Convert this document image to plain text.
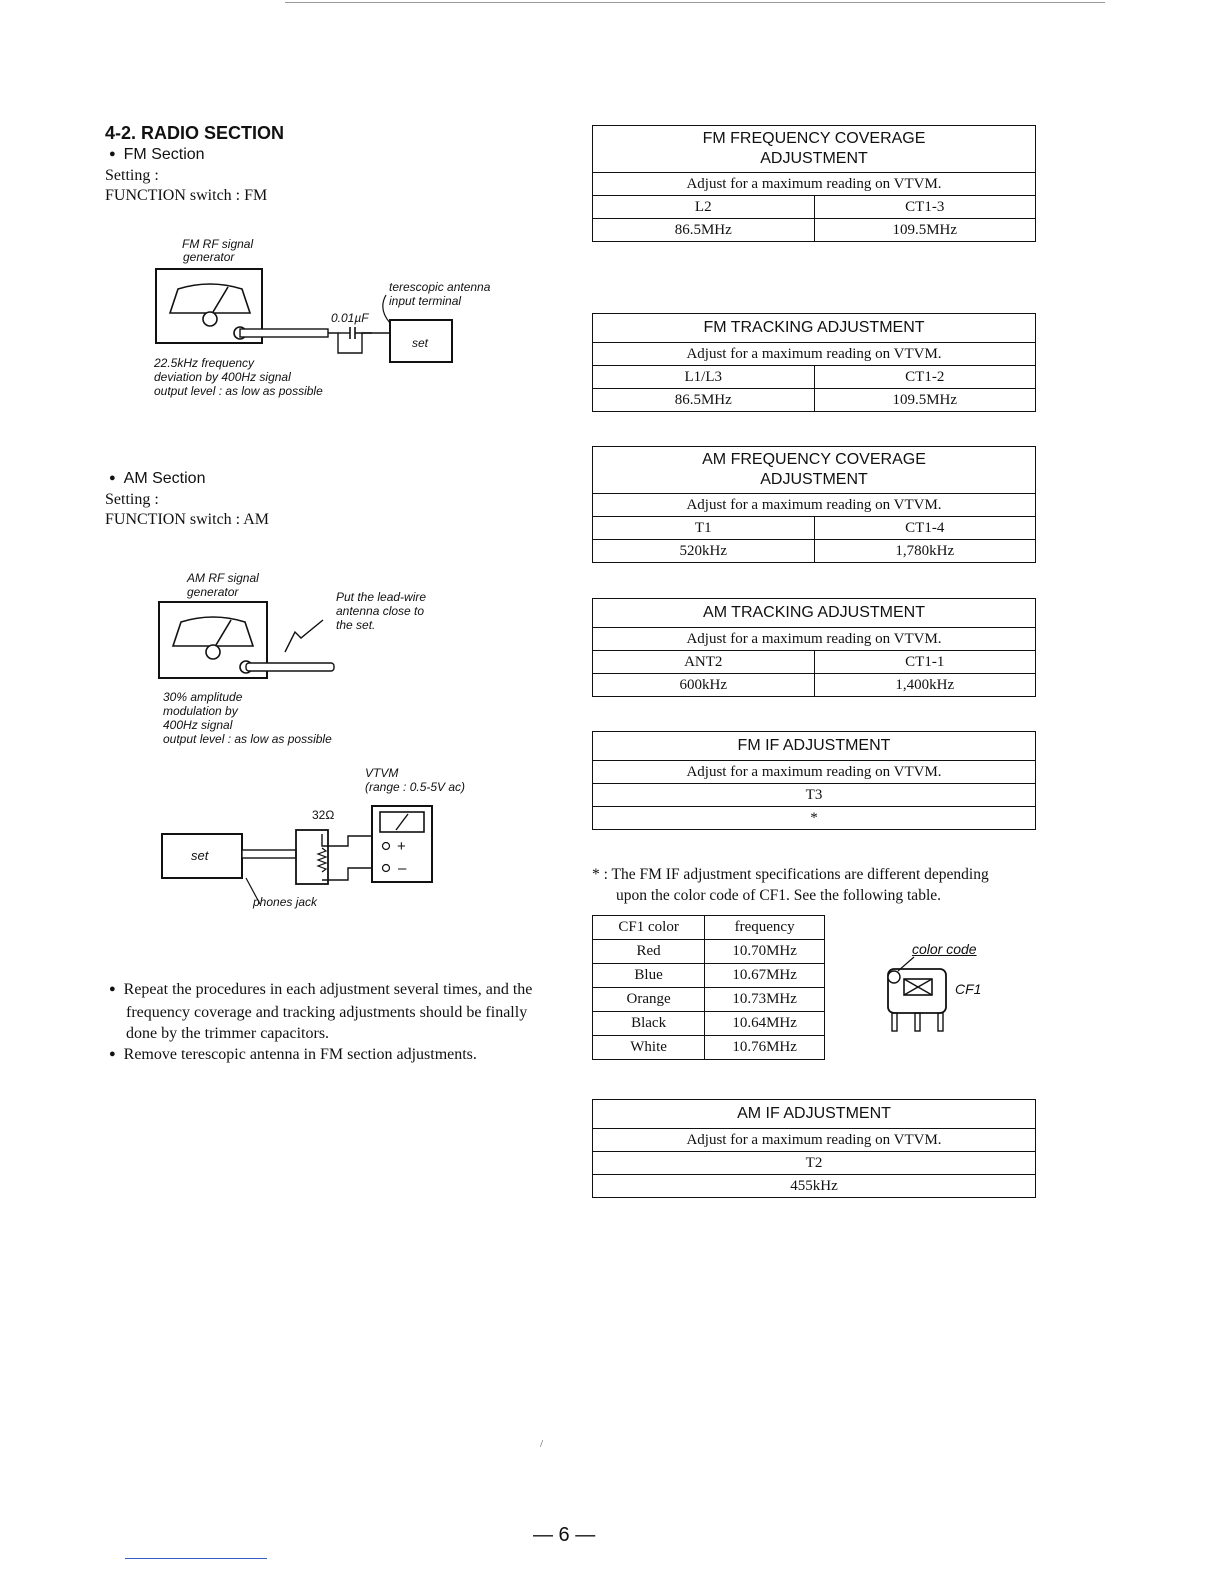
4-2. RADIO SECTION
● FM Section
Setting :
FUNCTION switch : FM
FM RF signal
generator
set
0.01µF
terescopic antenna
input terminal
22.5kHz frequency
deviation by 400Hz signal
output level : as low as possible
● AM Section
Setting :
FUNCTION switch : AM
AM RF signal
generator	Put the lead-wire
antenna close to
the set.
30% amplitude
modulation by
400Hz signal
output level : as low as possible
VTVM
(range : 0.5-5V ac)
32Ω
set
+
–
phones jack
● Repeat the procedures in each adjustment several times, and the
frequency coverage and tracking adjustments should be finally
done by the trimmer capacitors.
● Remove terescopic antenna in FM section adjustments.
FM FREQUENCY COVERAGE
ADJUSTMENT	

Adjust for a maximum reading on VTVM.	
L2	CT1-3
86.5MHz	109.5MHz
FM TRACKING ADJUSTMENT	
Adjust for a maximum reading on VTVM.	
L1/L3	CT1-2
86.5MHz	109.5MHz
AM FREQUENCY COVERAGE
ADJUSTMENT	

Adjust for a maximum reading on VTVM.	
T1	CT1-4
520kHz	1,780kHz
AM TRACKING ADJUSTMENT	
Adjust for a maximum reading on VTVM.	
ANT2	CT1-1
600kHz	1,400kHz
FM IF ADJUSTMENT
Adjust for a maximum reading on VTVM.
T3
*
* : The FM IF adjustment specifications are different depending
upon the color code of CF1. See the following table.
CF1 color	frequency
Red	10.70MHz
Blue	10.67MHz
Orange	10.73MHz
Black	10.64MHz
White	10.76MHz
color code
CF1
AM IF ADJUSTMENT
Adjust for a maximum reading on VTVM.
T2
455kHz
/
— 6 —
